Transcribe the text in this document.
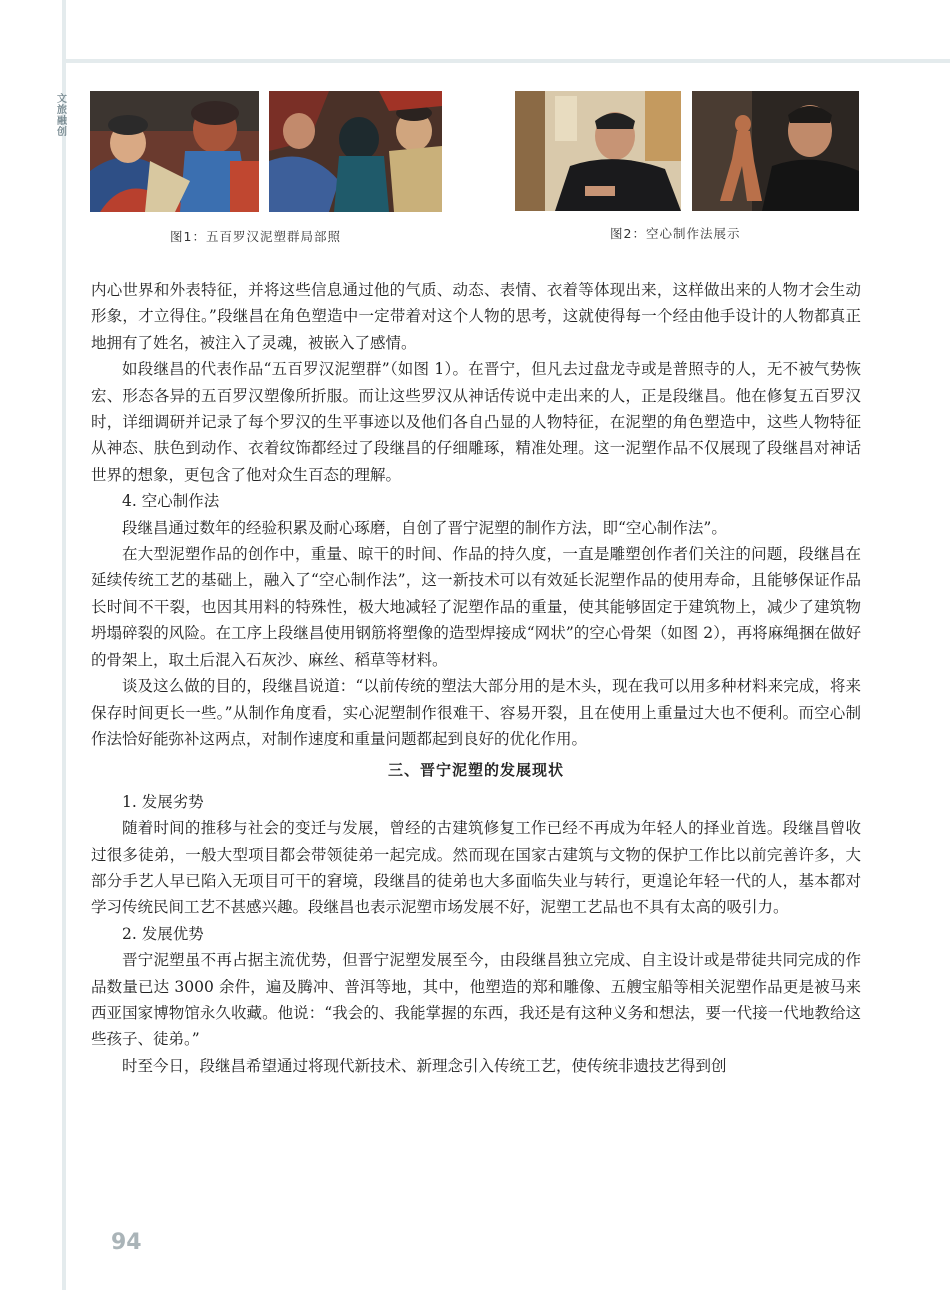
文
旅
融
创
图1：五百罗汉泥塑群局部照	图2：空心制作法展示

内心世界和外表特征，并将这些信息通过他的气质、动态、表情、衣着等体现出来，这样做出来的人物才会生动形象，才立得住。”段继昌在角色塑造中一定带着对这个人物的思考，这就使得每一个经由他手设计的人物都真正地拥有了姓名，被注入了灵魂，被嵌入了感情。

如段继昌的代表作品“五百罗汉泥塑群”（如图 1）。在晋宁，但凡去过盘龙寺或是普照寺的人，无不被气势恢宏、形态各异的五百罗汉塑像所折服。而让这些罗汉从神话传说中走出来的人，正是段继昌。他在修复五百罗汉时，详细调研并记录了每个罗汉的生平事迹以及他们各自凸显的人物特征，在泥塑的角色塑造中，这些人物特征从神态、肤色到动作、衣着纹饰都经过了段继昌的仔细雕琢，精准处理。这一泥塑作品不仅展现了段继昌对神话世界的想象，更包含了他对众生百态的理解。

4. 空心制作法

段继昌通过数年的经验积累及耐心琢磨，自创了晋宁泥塑的制作方法，即“空心制作法”。

在大型泥塑作品的创作中，重量、晾干的时间、作品的持久度，一直是雕塑创作者们关注的问题，段继昌在延续传统工艺的基础上，融入了“空心制作法”，这一新技术可以有效延长泥塑作品的使用寿命，且能够保证作品长时间不干裂，也因其用料的特殊性，极大地减轻了泥塑作品的重量，使其能够固定于建筑物上，减少了建筑物坍塌碎裂的风险。在工序上段继昌使用钢筋将塑像的造型焊接成“网状”的空心骨架（如图 2），再将麻绳捆在做好的骨架上，取土后混入石灰沙、麻丝、稻草等材料。

谈及这么做的目的，段继昌说道：“以前传统的塑法大部分用的是木头，现在我可以用多种材料来完成，将来保存时间更长一些。”从制作角度看，实心泥塑制作很难干、容易开裂，且在使用上重量过大也不便利。而空心制作法恰好能弥补这两点，对制作速度和重量问题都起到良好的优化作用。

三、晋宁泥塑的发展现状

1. 发展劣势

随着时间的推移与社会的变迁与发展，曾经的古建筑修复工作已经不再成为年轻人的择业首选。段继昌曾收过很多徒弟，一般大型项目都会带领徒弟一起完成。然而现在国家古建筑与文物的保护工作比以前完善许多，大部分手艺人早已陷入无项目可干的窘境，段继昌的徒弟也大多面临失业与转行，更遑论年轻一代的人，基本都对学习传统民间工艺不甚感兴趣。段继昌也表示泥塑市场发展不好，泥塑工艺品也不具有太高的吸引力。

2. 发展优势

晋宁泥塑虽不再占据主流优势，但晋宁泥塑发展至今，由段继昌独立完成、自主设计或是带徒共同完成的作品数量已达 3000 余件，遍及腾冲、普洱等地，其中，他塑造的郑和雕像、五艘宝船等相关泥塑作品更是被马来西亚国家博物馆永久收藏。他说：“我会的、我能掌握的东西，我还是有这种义务和想法，要一代接一代地教给这些孩子、徒弟。”

时至今日，段继昌希望通过将现代新技术、新理念引入传统工艺，使传统非遗技艺得到创

94
